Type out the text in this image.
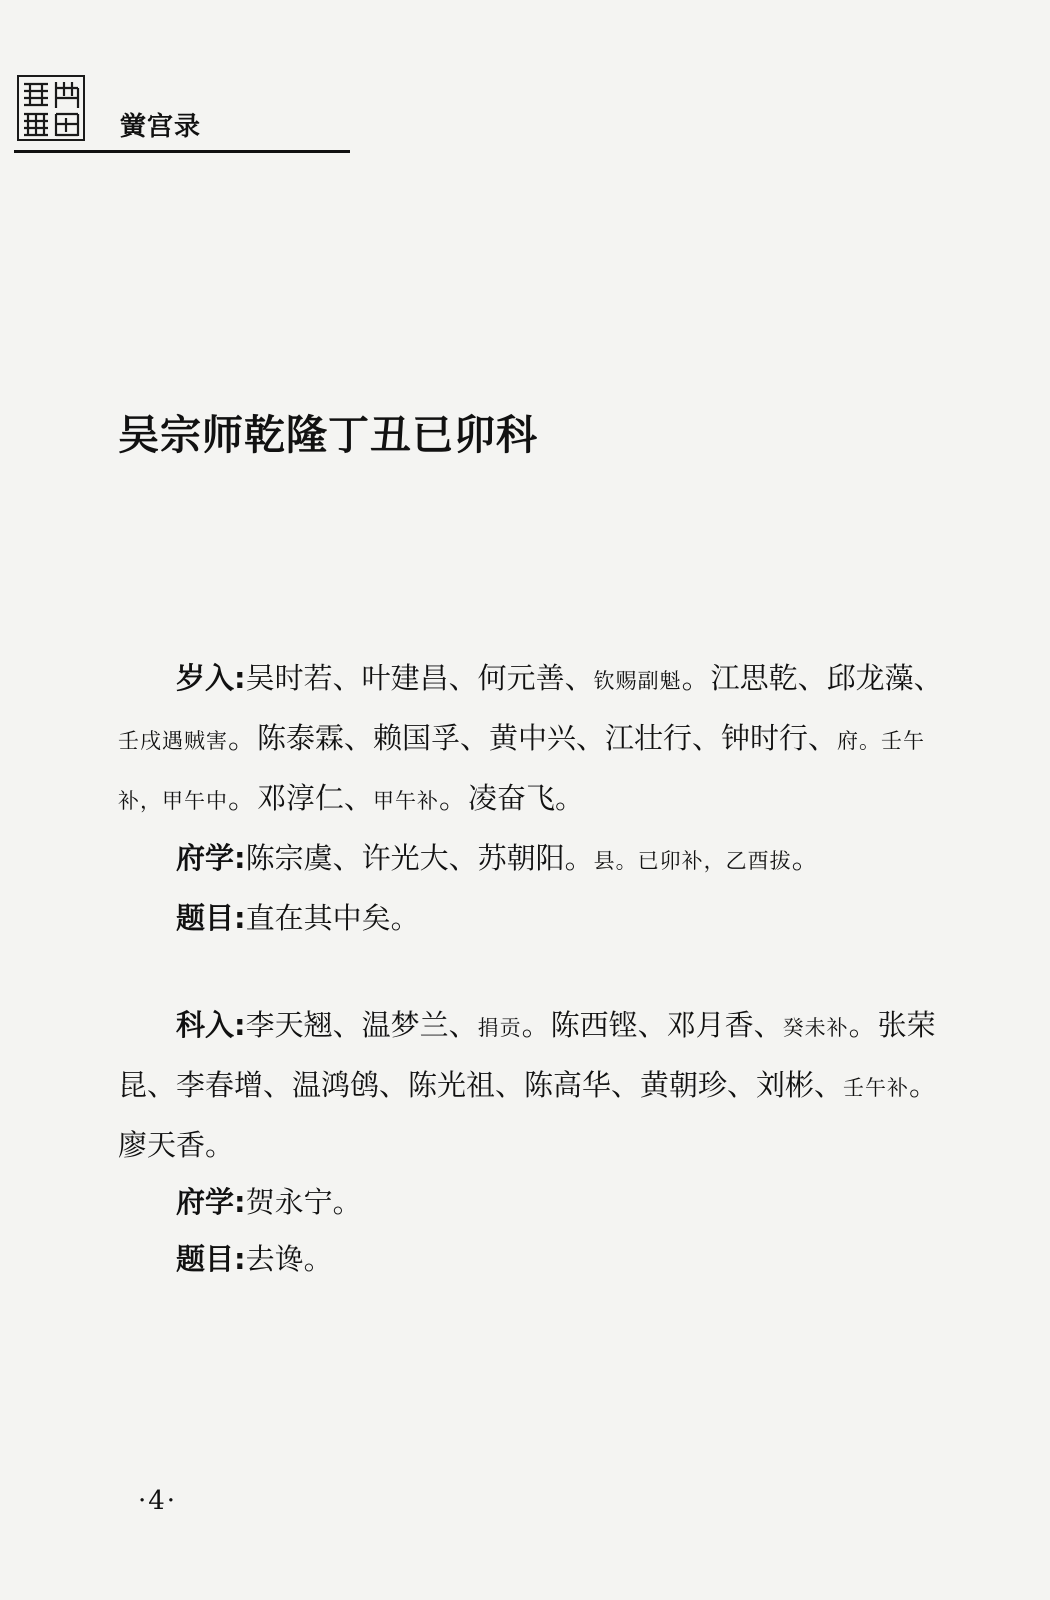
黉宫录
吴宗师乾隆丁丑已卯科

岁入:吴时若、叶建昌、何元善、钦赐副魁。江思乾、邱龙藻、壬戌遇贼害。陈泰霖、赖国孚、黄中兴、江壮行、钟时行、府。壬午补，甲午中。邓淳仁、甲午补。凌奋飞。

府学:陈宗虞、许光大、苏朝阳。县。已卯补，乙酉拔。

题目:直在其中矣。

科入:李天翘、温梦兰、捐贡。陈西铿、邓月香、癸未补。张荣昆、李春增、温鸿鸧、陈光祖、陈高华、黄朝珍、刘彬、壬午补。廖天香。

府学:贺永宁。

题目:去谗。

·4·
